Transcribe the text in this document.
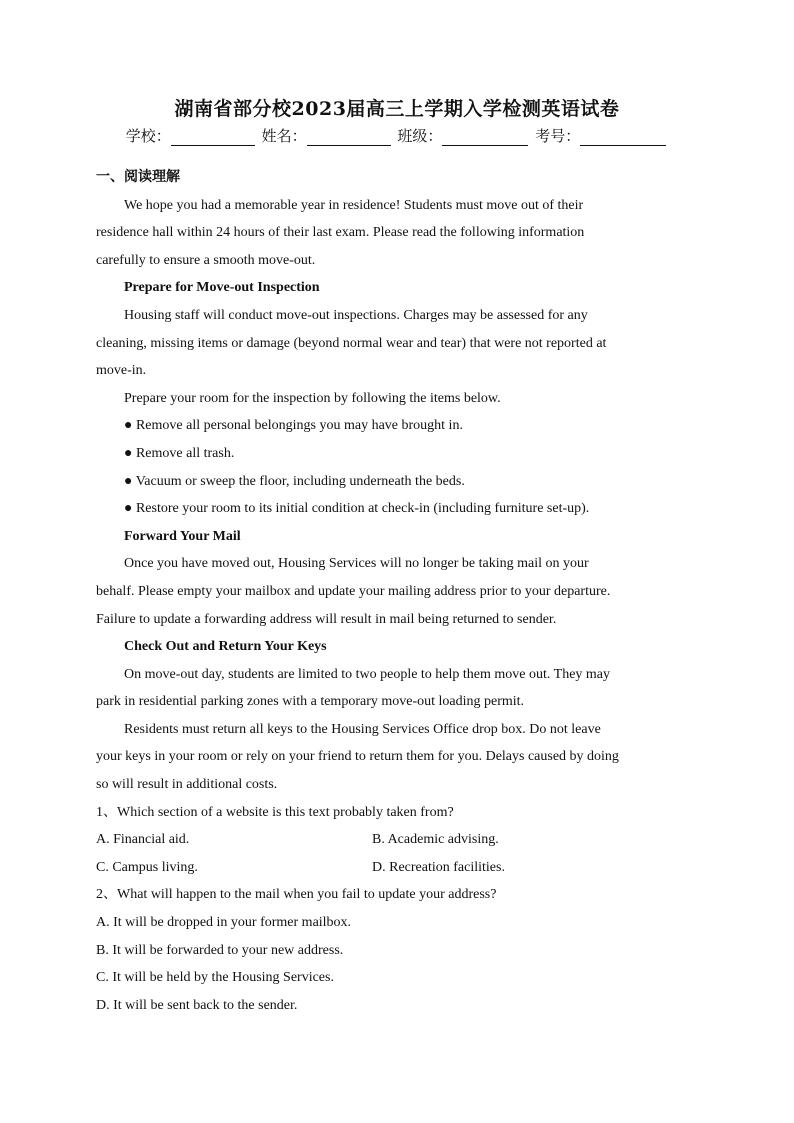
湖南省部分校2023届高三上学期入学检测英语试卷
学校：	姓名：	班级：	考号：
一、阅读理解
We hope you had a memorable year in residence! Students must move out of their
residence hall within 24 hours of their last exam. Please read the following information
carefully to ensure a smooth move-out.
Prepare for Move-out Inspection
Housing staff will conduct move-out inspections. Charges may be assessed for any
cleaning, missing items or damage (beyond normal wear and tear) that were not reported at
move-in.
Prepare your room for the inspection by following the items below.
● Remove all personal belongings you may have brought in.
● Remove all trash.
● Vacuum or sweep the floor, including underneath the beds.
● Restore your room to its initial condition at check-in (including furniture set-up).
Forward Your Mail
Once you have moved out, Housing Services will no longer be taking mail on your
behalf. Please empty your mailbox and update your mailing address prior to your departure.
Failure to update a forwarding address will result in mail being returned to sender.
Check Out and Return Your Keys
On move-out day, students are limited to two people to help them move out. They may
park in residential parking zones with a temporary move-out loading permit.
Residents must return all keys to the Housing Services Office drop box. Do not leave
your keys in your room or rely on your friend to return them for you. Delays caused by doing
so will result in additional costs.
1、Which section of a website is this text probably taken from?
A. Financial aid.	B. Academic advising.
C. Campus living.	D. Recreation facilities.
2、What will happen to the mail when you fail to update your address?
A. It will be dropped in your former mailbox.
B. It will be forwarded to your new address.
C. It will be held by the Housing Services.
D. It will be sent back to the sender.
